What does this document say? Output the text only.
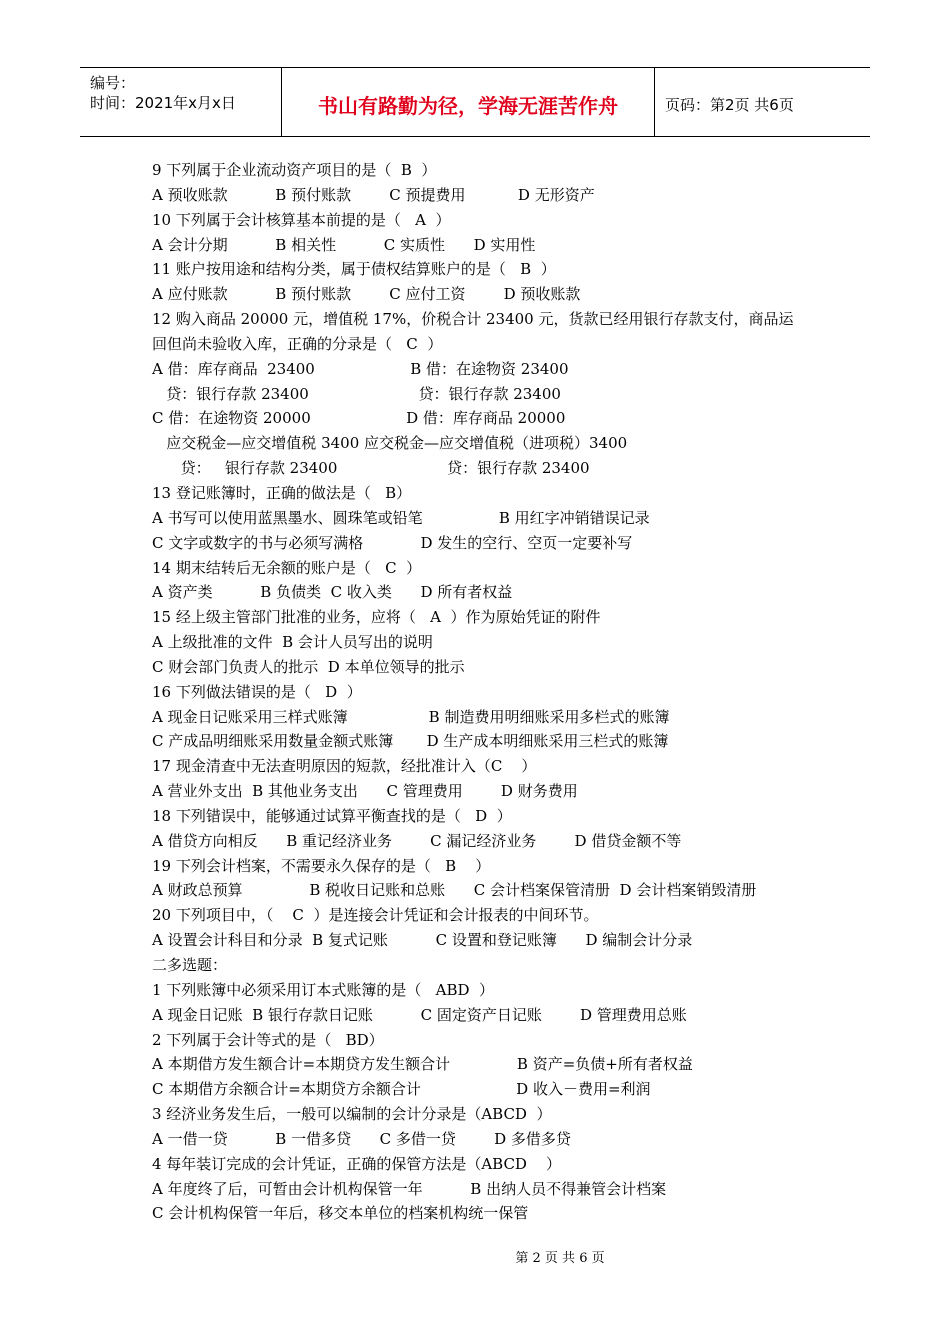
编号：
时间：2021年x月x日	书山有路勤为径，学海无涯苦作舟	页码：第2页 共6页
9 下列属于企业流动资产项目的是（  B  ）
A 预收账款          B 预付账款        C 预提费用           D 无形资产
10 下列属于会计核算基本前提的是（   A  ）
A 会计分期          B 相关性          C 实质性      D 实用性
11 账户按用途和结构分类，属于债权结算账户的是（   B  ）
A 应付账款          B 预付账款        C 应付工资        D 预收账款
12 购入商品 20000 元，增值税 17%，价税合计 23400 元，货款已经用银行存款支付，商品运
回但尚未验收入库，正确的分录是（   C  ）
A 借：库存商品  23400                    B 借：在途物资 23400
贷：银行存款 23400                       贷：银行存款 23400
C 借：在途物资 20000                    D 借：库存商品 20000
应交税金—应交增值税 3400 应交税金—应交增值税（进项税）3400
贷：   银行存款 23400                       贷：银行存款 23400
13 登记账簿时，正确的做法是（   B）
A 书写可以使用蓝黑墨水、圆珠笔或铅笔                B 用红字冲销错误记录
C 文字或数字的书与必须写满格            D 发生的空行、空页一定要补写
14 期末结转后无余额的账户是（   C  ）
A 资产类          B 负债类  C 收入类      D 所有者权益
15 经上级主管部门批准的业务，应将（   A  ）作为原始凭证的附件
A 上级批准的文件  B 会计人员写出的说明
C 财会部门负责人的批示  D 本单位领导的批示
16 下列做法错误的是（   D  ）
A 现金日记账采用三样式账簿                 B 制造费用明细账采用多栏式的账簿
C 产成品明细账采用数量金额式账簿       D 生产成本明细账采用三栏式的账簿
17 现金清查中无法查明原因的短款，经批准计入（C    ）
A 营业外支出  B 其他业务支出      C 管理费用        D 财务费用
18 下列错误中，能够通过试算平衡查找的是（   D  ）
A 借贷方向相反      B 重记经济业务        C 漏记经济业务        D 借贷金额不等
19 下列会计档案，不需要永久保存的是（   B    ）
A 财政总预算              B 税收日记账和总账      C 会计档案保管清册  D 会计档案销毁清册
20 下列项目中，（    C  ）是连接会计凭证和会计报表的中间环节。
A 设置会计科目和分录  B 复式记账          C 设置和登记账簿      D 编制会计分录
二多选题：
1 下列账簿中必须采用订本式账簿的是（   ABD  ）
A 现金日记账  B 银行存款日记账          C 固定资产日记账        D 管理费用总账
2 下列属于会计等式的是（   BD）
A 本期借方发生额合计=本期贷方发生额合计              B 资产=负债+所有者权益
C 本期借方余额合计=本期贷方余额合计                    D 收入－费用=利润
3 经济业务发生后，一般可以编制的会计分录是（ABCD  ）
A 一借一贷          B 一借多贷      C 多借一贷        D 多借多贷
4 每年装订完成的会计凭证，正确的保管方法是（ABCD    ）
A 年度终了后，可暂由会计机构保管一年          B 出纳人员不得兼管会计档案
C 会计机构保管一年后，移交本单位的档案机构统一保管
第 2 页 共 6 页
